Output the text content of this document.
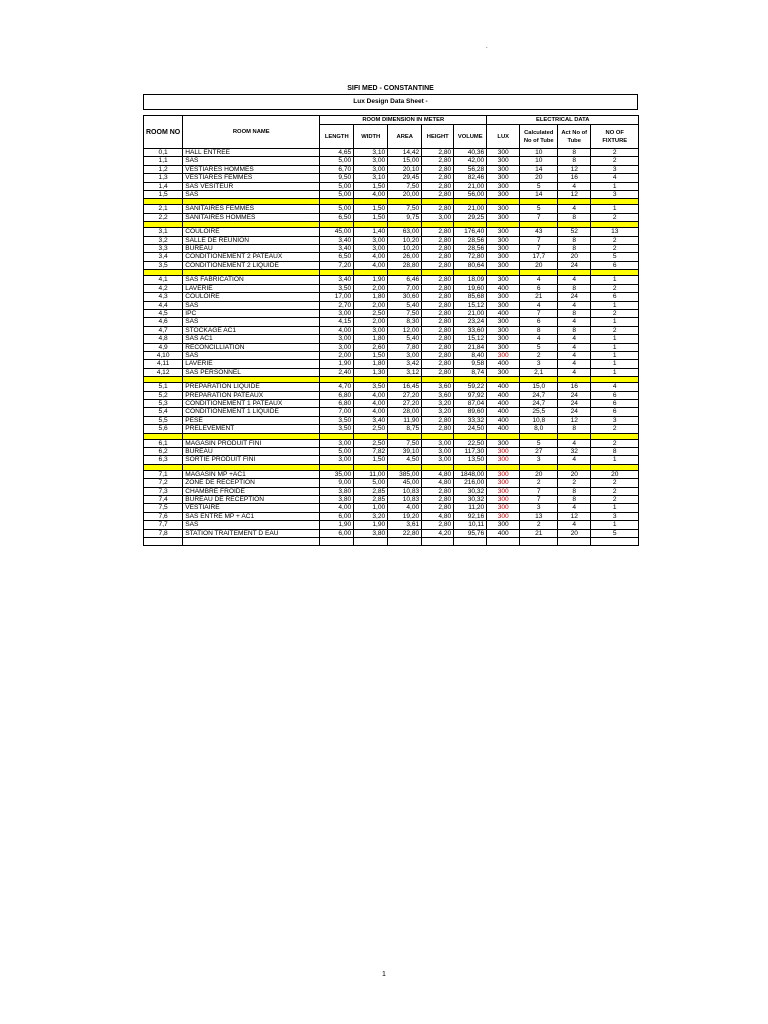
.
SIFI MED - CONSTANTINE
Lux Design Data Sheet -
ROOM NO	ROOM NAME	ROOM DIMENSION IN METER					ELECTRICAL DATA			
		LENGTH	WIDTH	AREA	HEIGHT	VOLUME	LUX	Calculated No of Tube	Act No of Tube	NO OF FIXTURE
0,1	HALL ENTREE	4,65	3,10	14,42	2,80	40,36	300	10	8	2
1,1	SAS	5,00	3,00	15,00	2,80	42,00	300	10	8	2
1,2	VESTIARES HOMMES	6,70	3,00	20,10	2,80	56,28	300	14	12	3
1,3	VESTIARES FEMMES	9,50	3,10	29,45	2,80	82,46	300	20	16	4
1,4	SAS VESITEUR	5,00	1,50	7,50	2,80	21,00	300	5	4	1
1,5	SAS	5,00	4,00	20,00	2,80	56,00	300	14	12	3

2,1	SANITAIRES FEMMES	5,00	1,50	7,50	2,80	21,00	300	5	4	1
2,2	SANITAIRES HOMMES	6,50	1,50	9,75	3,00	29,25	300	7	8	2

3,1	COULOIRE	45,00	1,40	63,00	2,80	176,40	300	43	52	13
3,2	SALLE DE REUNION	3,40	3,00	10,20	2,80	28,56	300	7	8	2
3,3	BUREAU	3,40	3,00	10,20	2,80	28,56	300	7	8	2
3,4	CONDITIONEMENT 2 PATEAUX	6,50	4,00	26,00	2,80	72,80	300	17,7	20	5
3,5	CONDITIONEMENT 2 LIQUIDE	7,20	4,00	28,80	2,80	80,64	300	20	24	6

4,1	SAS FABRICATION	3,40	1,90	6,46	2,80	18,09	300	4	4	1
4,2	LAVERIE	3,50	2,00	7,00	2,80	19,60	400	6	8	2
4,3	COULOIRE	17,00	1,80	30,60	2,80	85,68	300	21	24	6
4,4	SAS	2,70	2,00	5,40	2,80	15,12	300	4	4	1
4,5	IPC	3,00	2,50	7,50	2,80	21,00	400	7	8	2
4,6	SAS	4,15	2,00	8,30	2,80	23,24	300	6	4	1
4,7	STOCKAGE AC1	4,00	3,00	12,00	2,80	33,60	300	8	8	2
4,8	SAS AC1	3,00	1,80	5,40	2,80	15,12	300	4	4	1
4,9	RECONCILLIATION	3,00	2,60	7,80	2,80	21,84	300	5	4	1
4,10	SAS	2,00	1,50	3,00	2,80	8,40	300	2	4	1
4,11	LAVERIE	1,90	1,80	3,42	2,80	9,58	400	3	4	1
4,12	SAS PERSONNEL	2,40	1,30	3,12	2,80	8,74	300	2,1	4	1

5,1	PREPARATION LIQUIDE	4,70	3,50	16,45	3,60	59,22	400	15,0	16	4
5,2	PREPARATION PATEAUX	6,80	4,00	27,20	3,60	97,92	400	24,7	24	6
5,3	CONDITIONEMENT 1 PATEAUX	6,80	4,00	27,20	3,20	87,04	400	24,7	24	6
5,4	CONDITIONEMENT 1 LIQUIDE	7,00	4,00	28,00	3,20	89,60	400	25,5	24	6
5,5	PESE	3,50	3,40	11,90	2,80	33,32	400	10,8	12	3
5,6	PRELEVEMENT	3,50	2,50	8,75	2,80	24,50	400	8,0	8	2

6,1	MAGASIN PRODUIT FINI	3,00	2,50	7,50	3,00	22,50	300	5	4	2
6,2	BUREAU	5,00	7,82	39,10	3,00	117,30	300	27	32	8
6,3	SORTIE PRODUIT FINI	3,00	1,50	4,50	3,00	13,50	300	3	4	1

7,1	MAGASIN MP +AC1	35,00	11,00	385,00	4,80	1848,00	300	20	20	20
7,2	ZONE DE RECEPTION	9,00	5,00	45,00	4,80	216,00	300	2	2	2
7,3	CHAMBRE FROIDE	3,80	2,85	10,83	2,80	30,32	300	7	8	2
7,4	BUREAU DE RECEPTION	3,80	2,85	10,83	2,80	30,32	300	7	8	2
7,5	VESTIAIRE	4,00	1,00	4,00	2,80	11,20	300	3	4	1
7,6	SAS ENTRE MP + AC1	6,00	3,20	19,20	4,80	92,16	300	13	12	3
7,7	SAS	1,90	1,90	3,61	2,80	10,11	300	2	4	1
7,8	STATION TRAITEMENT D EAU	6,00	3,80	22,80	4,20	95,76	400	21	20	5

1
